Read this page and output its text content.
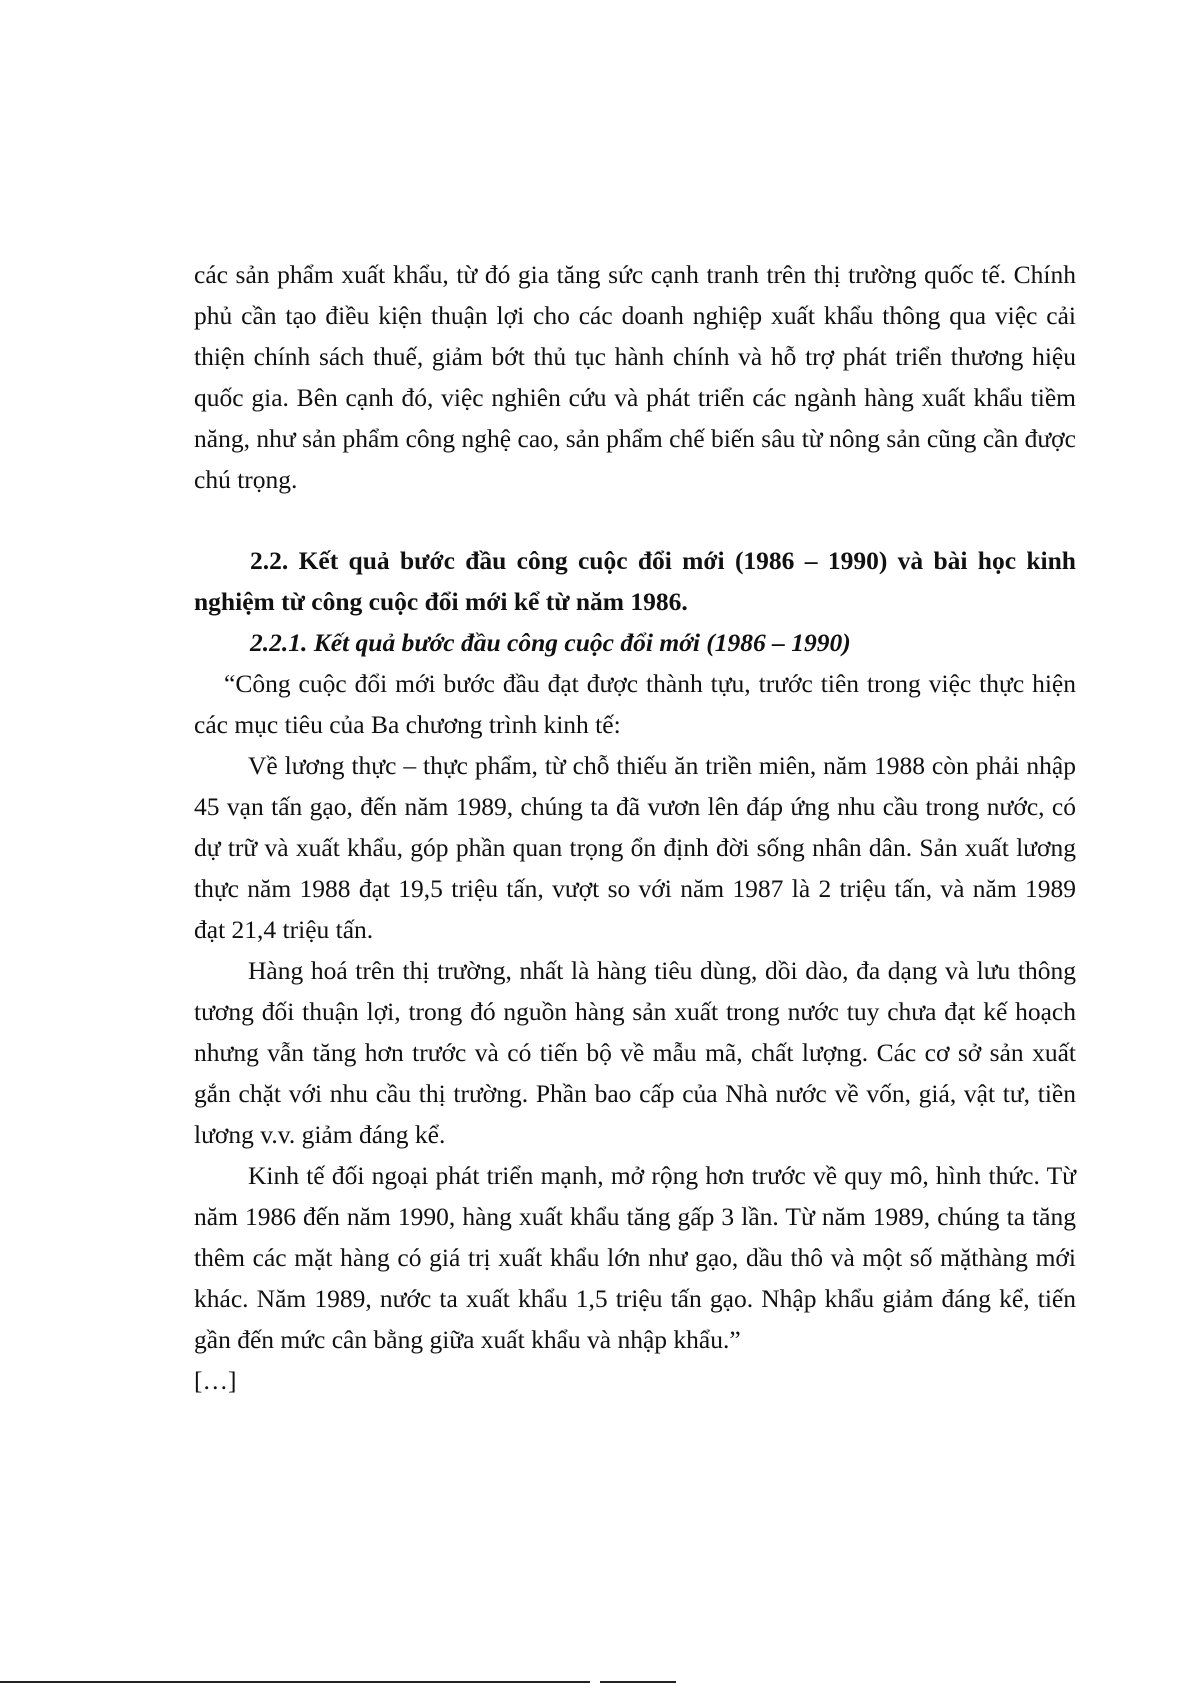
các sản phẩm xuất khẩu, từ đó gia tăng sức cạnh tranh trên thị trường quốc tế. Chính phủ cần tạo điều kiện thuận lợi cho các doanh nghiệp xuất khẩu thông qua việc cải thiện chính sách thuế, giảm bớt thủ tục hành chính và hỗ trợ phát triển thương hiệu quốc gia. Bên cạnh đó, việc nghiên cứu và phát triển các ngành hàng xuất khẩu tiềm năng, như sản phẩm công nghệ cao, sản phẩm chế biến sâu từ nông sản cũng cần được chú trọng.

2.2. Kết quả bước đầu công cuộc đổi mới (1986 – 1990) và bài học kinh nghiệm từ công cuộc đổi mới kể từ năm 1986.
2.2.1. Kết quả bước đầu công cuộc đổi mới (1986 – 1990)

“Công cuộc đổi mới bước đầu đạt được thành tựu, trước tiên trong việc thực hiện các mục tiêu của Ba chương trình kinh tế:

Về lương thực – thực phẩm, từ chỗ thiếu ăn triền miên, năm 1988 còn phải nhập 45 vạn tấn gạo, đến năm 1989, chúng ta đã vươn lên đáp ứng nhu cầu trong nước, có dự trữ và xuất khẩu, góp phần quan trọng ổn định đời sống nhân dân. Sản xuất lương thực năm 1988 đạt 19,5 triệu tấn, vượt so với năm 1987 là 2 triệu tấn, và năm 1989 đạt 21,4 triệu tấn.

Hàng hoá trên thị trường, nhất là hàng tiêu dùng, dồi dào, đa dạng và lưu thông tương đối thuận lợi, trong đó nguồn hàng sản xuất trong nước tuy chưa đạt kế hoạch nhưng vẫn tăng hơn trước và có tiến bộ về mẫu mã, chất lượng. Các cơ sở sản xuất gắn chặt với nhu cầu thị trường. Phần bao cấp của Nhà nước về vốn, giá, vật tư, tiền lương v.v. giảm đáng kể.

Kinh tế đối ngoại phát triển mạnh, mở rộng hơn trước về quy mô, hình thức. Từ năm 1986 đến năm 1990, hàng xuất khẩu tăng gấp 3 lần. Từ năm 1989, chúng ta tăng thêm các mặt hàng có giá trị xuất khẩu lớn như gạo, dầu thô và một số mặthàng mới khác. Năm 1989, nước ta xuất khẩu 1,5 triệu tấn gạo. Nhập khẩu giảm đáng kể, tiến gần đến mức cân bằng giữa xuất khẩu và nhập khẩu.”

[…]
